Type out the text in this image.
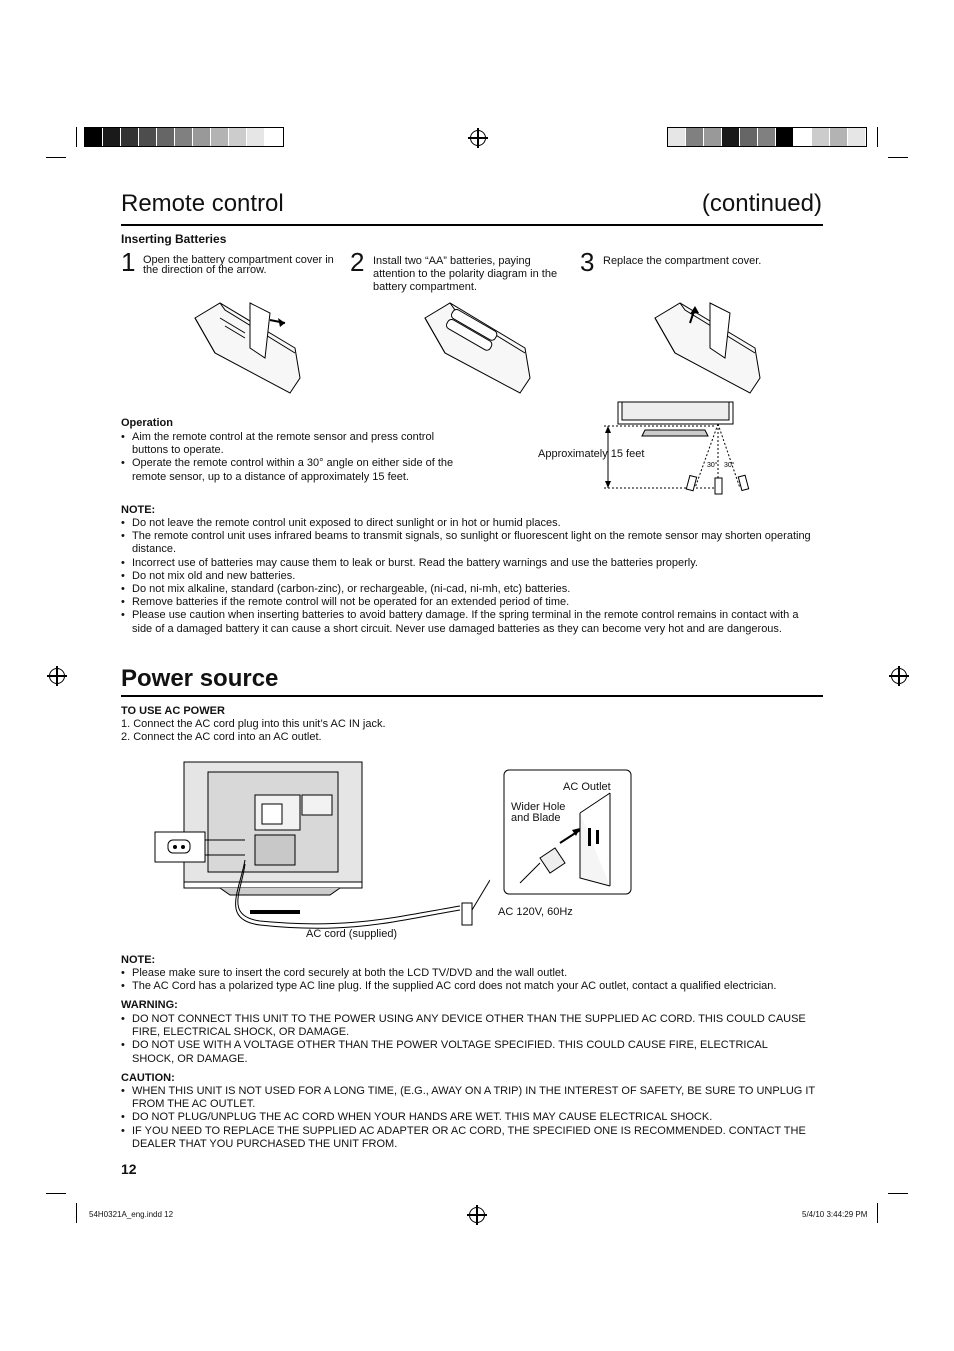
Remote control	(continued)
Inserting Batteries
1 Open the battery compartment cover in the direction of the arrow.	2 Install two “AA” batteries, paying attention to the polarity diagram in the battery compartment.
3 Replace the compartment cover.
Operation
• Aim the remote control at the remote sensor and press control buttons to operate.
• Operate the remote control within a 30° angle on either side of the remote sensor, up to a distance of approximately 15 feet.
30° 30°
Approximately 15 feet
NOTE:
• Do not leave the remote control unit exposed to direct sunlight or in hot or humid places.
• The remote control unit uses infrared beams to transmit signals, so sunlight or fluorescent light on the remote sensor may shorten operating distance.
• Incorrect use of batteries may cause them to leak or burst. Read the battery warnings and use the batteries properly.
• Do not mix old and new batteries.
• Do not mix alkaline, standard (carbon-zinc), or rechargeable, (ni-cad, ni-mh, etc) batteries.
• Remove batteries if the remote control will not be operated for an extended period of time.
• Please use caution when inserting batteries to avoid battery damage. If the spring terminal in the remote control remains in contact with a side of a damaged battery it can cause a short circuit. Never use damaged batteries as they can become very hot and are dangerous.
Power source
TO USE AC POWER
1. Connect the AC cord plug into this unit’s AC IN jack.
2. Connect the AC cord into an AC outlet.
AC Outlet
Wider Hole
and Blade
AC 120V, 60Hz
AC cord (supplied)
NOTE:
• Please make sure to insert the cord securely at both the LCD TV/DVD and the wall outlet.
• The AC Cord has a polarized type AC line plug. If the supplied AC cord does not match your AC outlet, contact a qualified electrician.
WARNING:
• DO NOT CONNECT THIS UNIT TO THE POWER USING ANY DEVICE OTHER THAN THE SUPPLIED AC CORD. THIS COULD CAUSE FIRE, ELECTRICAL SHOCK, OR DAMAGE.
• DO NOT USE WITH A VOLTAGE OTHER THAN THE POWER VOLTAGE SPECIFIED. THIS COULD CAUSE FIRE, ELECTRICAL SHOCK, OR DAMAGE.
CAUTION:
• WHEN THIS UNIT IS NOT USED FOR A LONG TIME, (E.G., AWAY ON A TRIP) IN THE INTEREST OF SAFETY, BE SURE TO UNPLUG IT FROM THE AC OUTLET.
• DO NOT PLUG/UNPLUG THE AC CORD WHEN YOUR HANDS ARE WET. THIS MAY CAUSE ELECTRICAL SHOCK.
• IF YOU NEED TO REPLACE THE SUPPLIED AC ADAPTER OR AC CORD, THE SPECIFIED ONE IS RECOMMENDED. CONTACT THE DEALER THAT YOU PURCHASED THE UNIT FROM.
12
54H0321A_eng.indd 12	5/4/10 3:44:29 PM
